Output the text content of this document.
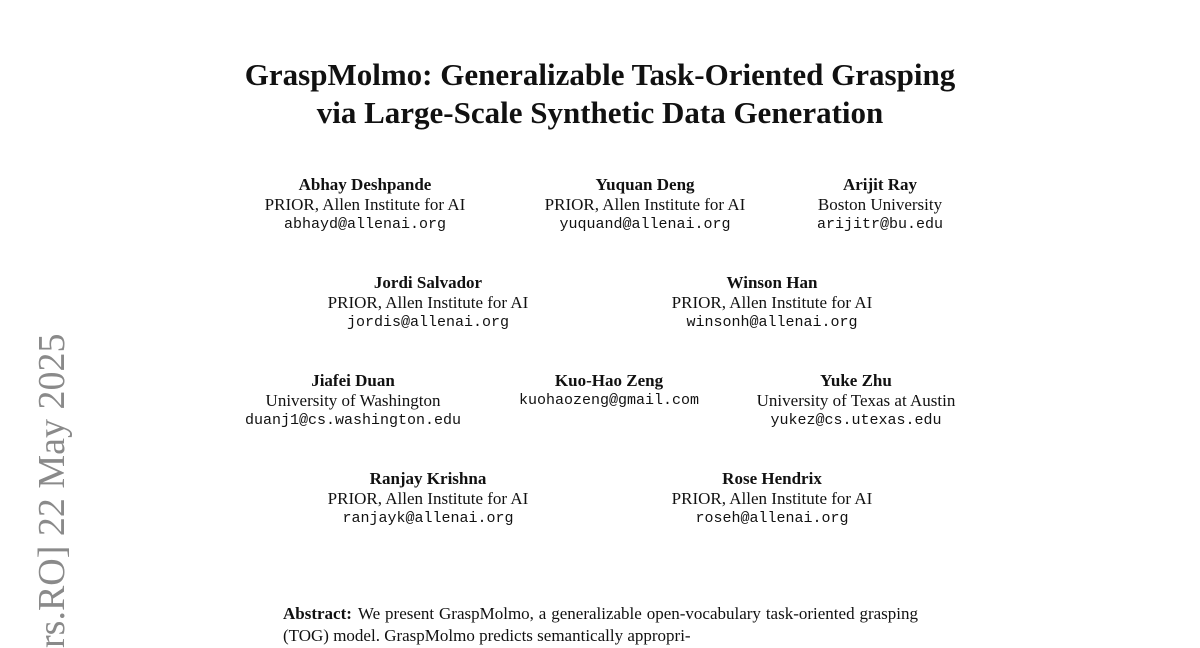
rs.RO] 22 May 2025
GraspMolmo: Generalizable Task-Oriented Grasping
via Large-Scale Synthetic Data Generation
Abhay Deshpande
PRIOR, Allen Institute for AI
abhayd@allenai.org
Yuquan Deng
PRIOR, Allen Institute for AI
yuquand@allenai.org
Arijit Ray
Boston University
arijitr@bu.edu
Jordi Salvador
PRIOR, Allen Institute for AI
jordis@allenai.org
Winson Han
PRIOR, Allen Institute for AI
winsonh@allenai.org
Jiafei Duan
University of Washington
duanj1@cs.washington.edu
Kuo-Hao Zeng
kuohaozeng@gmail.com
Yuke Zhu
University of Texas at Austin
yukez@cs.utexas.edu
Ranjay Krishna
PRIOR, Allen Institute for AI
ranjayk@allenai.org
Rose Hendrix
PRIOR, Allen Institute for AI
roseh@allenai.org
Abstract: We present GraspMolmo, a generalizable open-vocabulary task-oriented grasping (TOG) model. GraspMolmo predicts semantically appropri-
